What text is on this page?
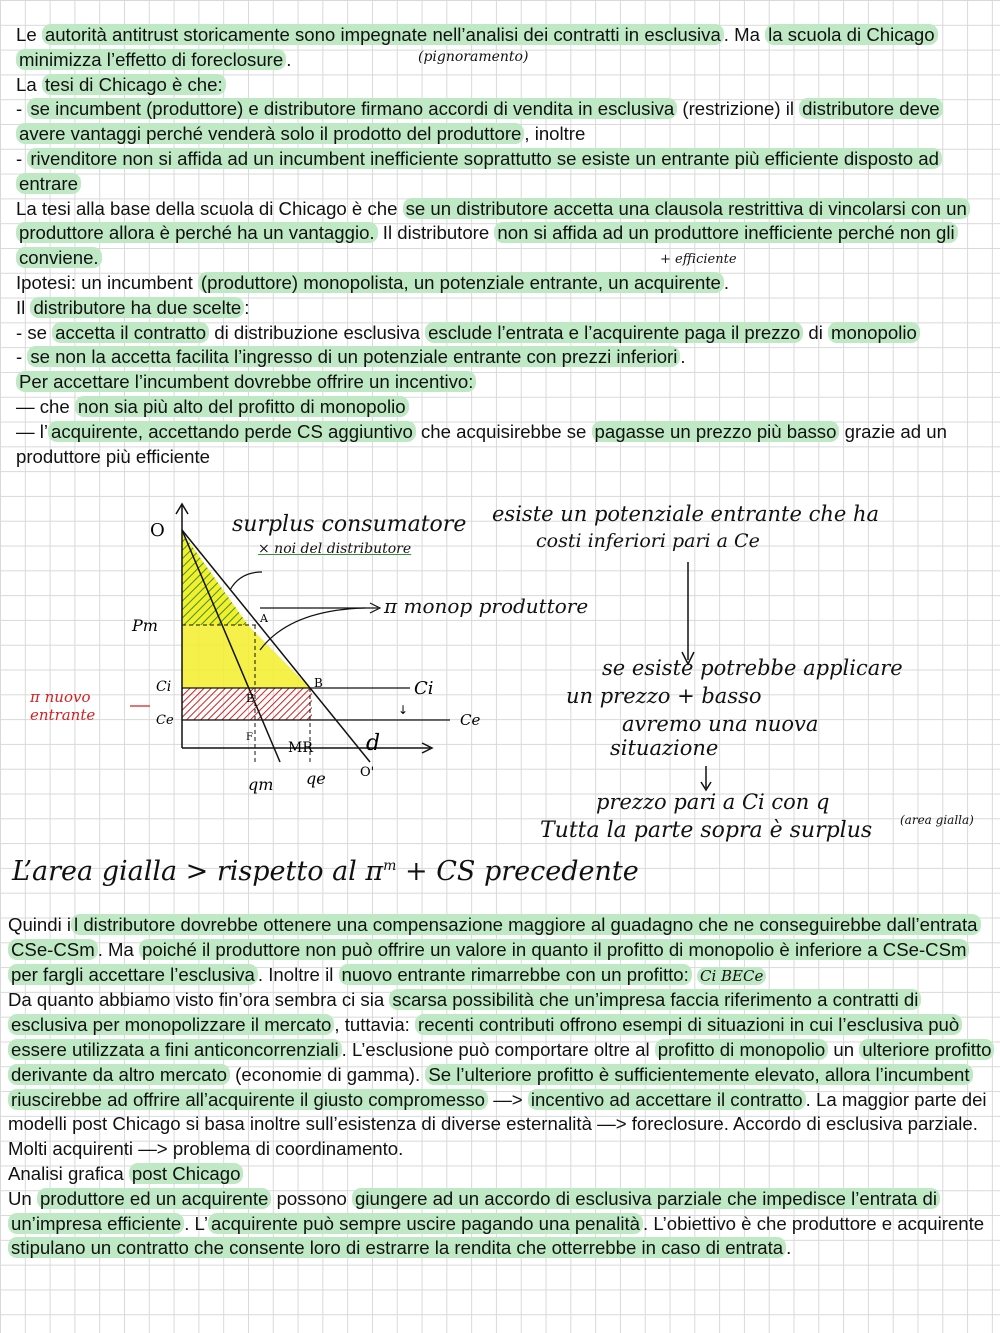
Le autorità antitrust storicamente sono impegnate nell’analisi dei contratti in esclusiva . Ma la scuola di Chicago minimizza l’effetto di foreclosure .
La tesi di Chicago è che:
- se incumbent (produttore) e distributore firmano accordi di vendita in esclusiva (restrizione) il distributore deve avere vantaggi perché venderà solo il prodotto del produttore , inoltre
- rivenditore non si affida ad un incumbent inefficiente soprattutto se esiste un entrante più efficiente disposto ad entrare
La tesi alla base della scuola di Chicago è che se un distributore accetta una clausola restrittiva di vincolarsi con un produttore allora è perché ha un vantaggio. Il distributore non si affida ad un produttore inefficiente perché non gli conviene.
Ipotesi: un incumbent (produttore) monopolista, un potenziale entrante, un acquirente .
Il distributore ha due scelte :
- se accetta il contratto di distribuzione esclusiva esclude l’entrata e l’acquirente paga il prezzo di monopolio
- se non la accetta facilita l’ingresso di un potenziale entrante con prezzi inferiori .
Per accettare l’incumbent dovrebbe offrire un incentivo:
— che non sia più alto del profitto di monopolio
— l’ acquirente, accettando perde CS aggiuntivo che acquisirebbe se pagasse un prezzo più basso grazie ad un produttore più efficiente
(pignoramento)
+ efficiente
O
Pm
Ci
Ce
A
B
E
F
MR d
qm qe	O'
Ci
Ce
↓
surplus consumatore
× noi del distributore
π monop produttore
π nuovo entrante
esiste un potenziale entrante che ha
costi inferiori pari a Ce
se esiste potrebbe applicare
un prezzo + basso
avremo una nuova
situazione
prezzo pari a Ci con q
Tutta la parte sopra è surplus (area gialla)
L’area gialla > rispetto al $\pi^m$ + CS precedente
Quindi i l distributore dovrebbe ottenere una compensazione maggiore al guadagno che ne conseguirebbe dall’entrata CSe-CSm . Ma poiché il produttore non può offrire un valore in quanto il profitto di monopolio è inferiore a CSe-CSm per fargli accettare l’esclusiva . Inoltre il nuovo entrante rimarrebbe con un profitto: Ci BECe
Da quanto abbiamo visto fin’ora sembra ci sia scarsa possibilità che un’impresa faccia riferimento a contratti di esclusiva per monopolizzare il mercato , tuttavia: recenti contributi offrono esempi di situazioni in cui l’esclusiva può essere utilizzata a fini anticoncorrenziali . L’esclusione può comportare oltre al profitto di monopolio un ulteriore profitto derivante da altro mercato (economie di gamma). Se l’ulteriore profitto è sufficientemente elevato, allora l’incumbent riuscirebbe ad offrire all’acquirente il giusto compromesso —> incentivo ad accettare il contratto . La maggior parte dei modelli post Chicago si basa inoltre sull’esistenza di diverse esternalità —> foreclosure. Accordo di esclusiva parziale. Molti acquirenti —> problema di coordinamento.
Analisi grafica post Chicago
Un produttore ed un acquirente possono giungere ad un accordo di esclusiva parziale che impedisce l’entrata di un’impresa efficiente . L’ acquirente può sempre uscire pagando una penalità . L’obiettivo è che produttore e acquirente stipulano un contratto che consente loro di estrarre la rendita che otterrebbe in caso di entrata .
